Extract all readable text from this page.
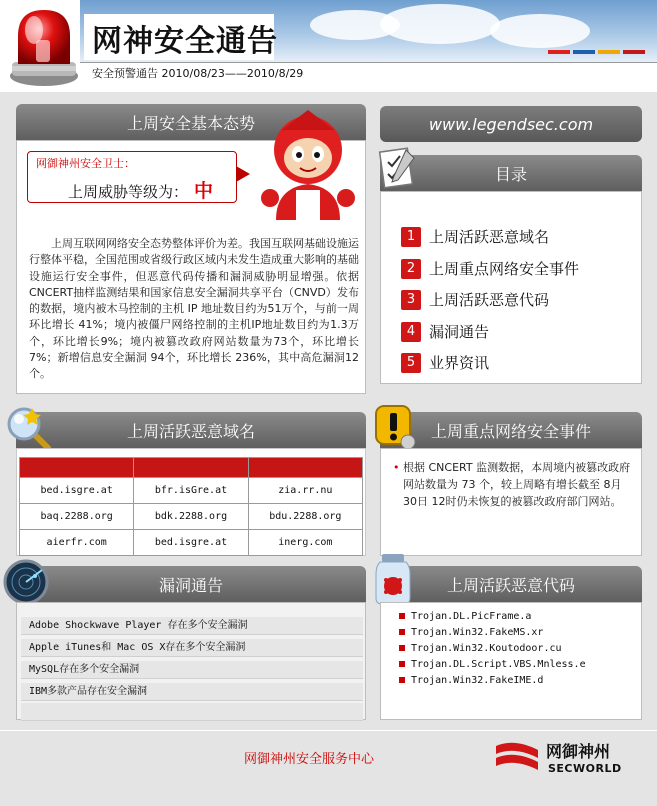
网神安全通告
安全预警通告 2010/08/23——2010/8/29
上周安全基本态势
网御神州安全卫士：
上周威胁等级为： 中
上周互联网网络安全态势整体评价为差。我国互联网基础设施运行整体平稳，全国范围或省级行政区域内未发生造成重大影响的基础设施运行安全事件，但恶意代码传播和漏洞威胁明显增强。依据CNCERT抽样监测结果和国家信息安全漏洞共享平台（CNVD）发布的数据，境内被木马控制的主机 IP 地址数目约为51万个，与前一周环比增长 41%；境内被僵尸网络控制的主机IP地址数目约为1.3万个，环比增长9%；境内被篡改政府网站数量为73个，环比增长7%；新增信息安全漏洞 94个，环比增长 236%，其中高危漏洞12个。
www.legendsec.com
目录
1 上周活跃恶意域名
2 上周重点网络安全事件
3 上周活跃恶意代码
4 漏洞通告
5 业界资讯
上周活跃恶意域名

bed.isgre.at	bfr.isGre.at	zia.rr.nu
baq.2288.org	bdk.2288.org	bdu.2288.org
aierfr.com	bed.isgre.at	inerg.com
上周重点网络安全事件
• 根据 CNCERT 监测数据，本周境内被篡改政府网站数量为 73 个，较上周略有增长截至 8月 30日 12时仍未恢复的被篡改政府部门网站。
漏洞通告
Adobe Shockwave Player 存在多个安全漏洞
Apple iTunes和 Mac OS X存在多个安全漏洞
MySQL存在多个安全漏洞
IBM多款产品存在安全漏洞
上周活跃恶意代码
Trojan.DL.PicFrame.a
Trojan.Win32.FakeMS.xr
Trojan.Win32.Koutodoor.cu
Trojan.DL.Script.VBS.Mnless.e
Trojan.Win32.FakeIME.d
网御神州安全服务中心	网御神州
SECWORLD
